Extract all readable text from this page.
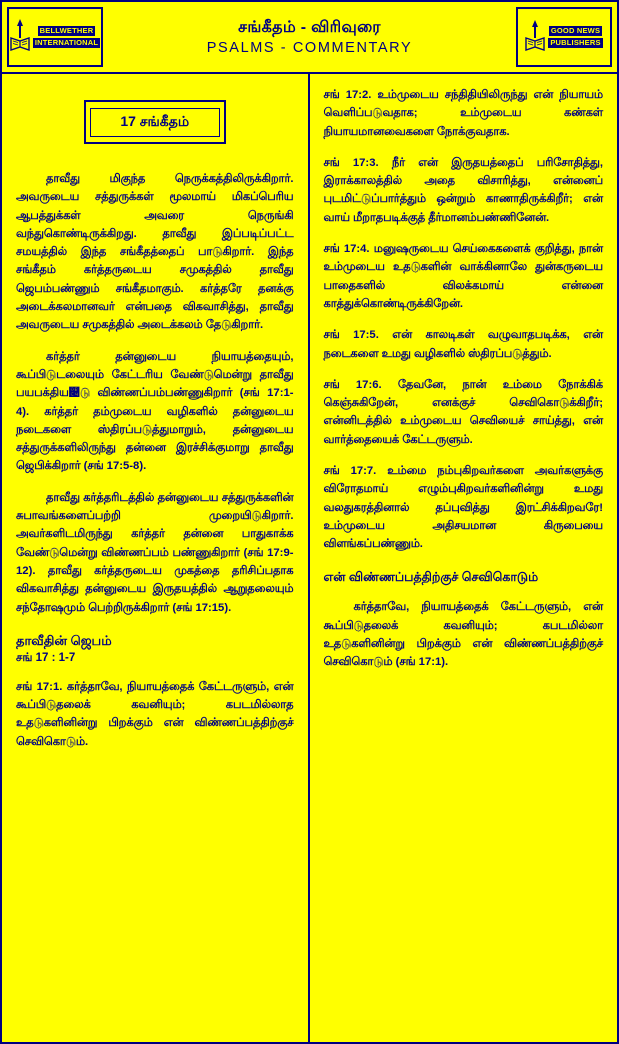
BELLWETHER
INTERNATIONAL
சங்கீதம் - விரிவுரை
PSALMS - COMMENTARY
GOOD NEWS
PUBLISHERS
17 சங்கீதம்

தாவீது மிகுந்த நெருக்கத்திலிருக்கிறார். அவருடைய சத்துருக்கள் மூலமாய் மிகப்பெரிய ஆபத்துக்கள் அவரை நெருங்கி வந்துகொண்டிருக்கிறது. தாவீது இப்படிப்பட்ட சமயத்தில் இந்த சங்கீதத்தைப் பாடுகிறார். இந்த சங்கீதம் கர்த்தருடைய சமுகத்தில் தாவீது ஜெபம்பண்ணும் சங்கீதமாகும். கர்த்தரே தனக்கு அடைக்கலமானவர் என்பதை விகவாசித்து, தாவீது அவருடைய சமுகத்தில் அடைக்கலம் தேடுகிறார்.

கர்த்தர் தன்னுடைய நியாயத்தையும், கூப்பிடுடலையும் கேட்டரிய வேண்டுமென்று தாவீது பயபக்திய௄டு விண்ணப்பம்பண்ணுகிறார் (சங் 17:1-4). கர்த்தர் தம்முடைய வழிகளில் தன்னுடைய நடைகளை ஸ்திரப்படுத்துமாறும், தன்னுடைய சத்துருக்களிலிருந்து தன்னை இரச்சிக்குமாறு தாவீது ஜெபிக்கிறார் (சங் 17:5-8).

தாவீது கர்த்தரிடத்தில் தன்னுடைய சத்துருக்களின் சுபாவங்களைப்பற்றி முறையிடுகிறார். அவர்களிடமிருந்து கர்த்தர் தன்னை பாதுகாக்க வேண்டுமென்று விண்ணப்பம் பண்ணுகிறார் (சங் 17:9-12). தாவீது கர்த்தருடைய முகத்தை தரிசிப்பதாக விகவாசித்து தன்னுடைய இருதயத்தில் ஆறுதலையும் சந்தோஷமும் பெற்றிருக்கிறார் (சங் 17:15).

தாவீதின் ஜெபம்
சங் 17 : 1-7

சங் 17:1. கர்த்தாவே, நியாயத்தைக் கேட்டருளும், என் கூப்பிடுதலைக் கவனியும்; கபடமில்லாத உதடுகளினின்று பிறக்கும் என் விண்ணப்பத்திற்குச் செவிகொடும்.

சங் 17:2. உம்முடைய சந்திதியிலிருந்து என் நியாயம் வெளிப்படுவதாக; உம்முடைய கண்கள் நியாயமானவைகளை நோக்குவதாக.

சங் 17:3. நீர் என் இருதயத்தைப் பரிசோதித்து, இராக்காலத்தில் அதை விசாரித்து, என்னைப் புடமிட்டுப்பார்த்தும் ஒன்றும் காணாதிருக்கிறீர்; என் வாய் மீறாதபடிக்குத் தீர்மானம்பண்ணினேன்.

சங் 17:4. மனுஷருடைய செய்கைகளைக் குறித்து, நான் உம்முடைய உதடுகளின் வாக்கினாலே துன்கருடைய பாதைகளில் விலக்கமாய் என்னை காத்துக்கொண்டிருக்கிறேன்.

சங் 17:5. என் காலடிகள் வழுவாதபடிக்க, என் நடைகளை உமது வழிகளில் ஸ்திரப்படுத்தும்.

சங் 17:6. தேவனே, நான் உம்மை நோக்கிக் கெஞ்சுகிறேன், எனக்குச் செவிகொடுக்கிறீர்; என்னிடத்தில் உம்முடைய செவியைச் சாய்த்து, என் வார்த்தையைக் கேட்டருளும்.

சங் 17:7. உம்மை நம்புகிறவர்களை அவர்களுக்கு விரோதமாய் எழும்புகிறவர்களினின்று உமது வலதுகரத்தினால் தப்புவித்து இரட்சிக்கிறவரே! உம்முடைய அதிசயமான கிருபையை விளங்கப்பண்ணும்.

என் விண்ணப்பத்திற்குச் செவிகொடும்

கர்த்தாவே, நியாயத்தைக் கேட்டருளும், என் கூப்பிடுதலைக் கவனியும்; கபடமில்லா உதடுகளினின்று பிறக்கும் என் விண்ணப்பத்திற்குச் செவிகொடும் (சங் 17:1).
